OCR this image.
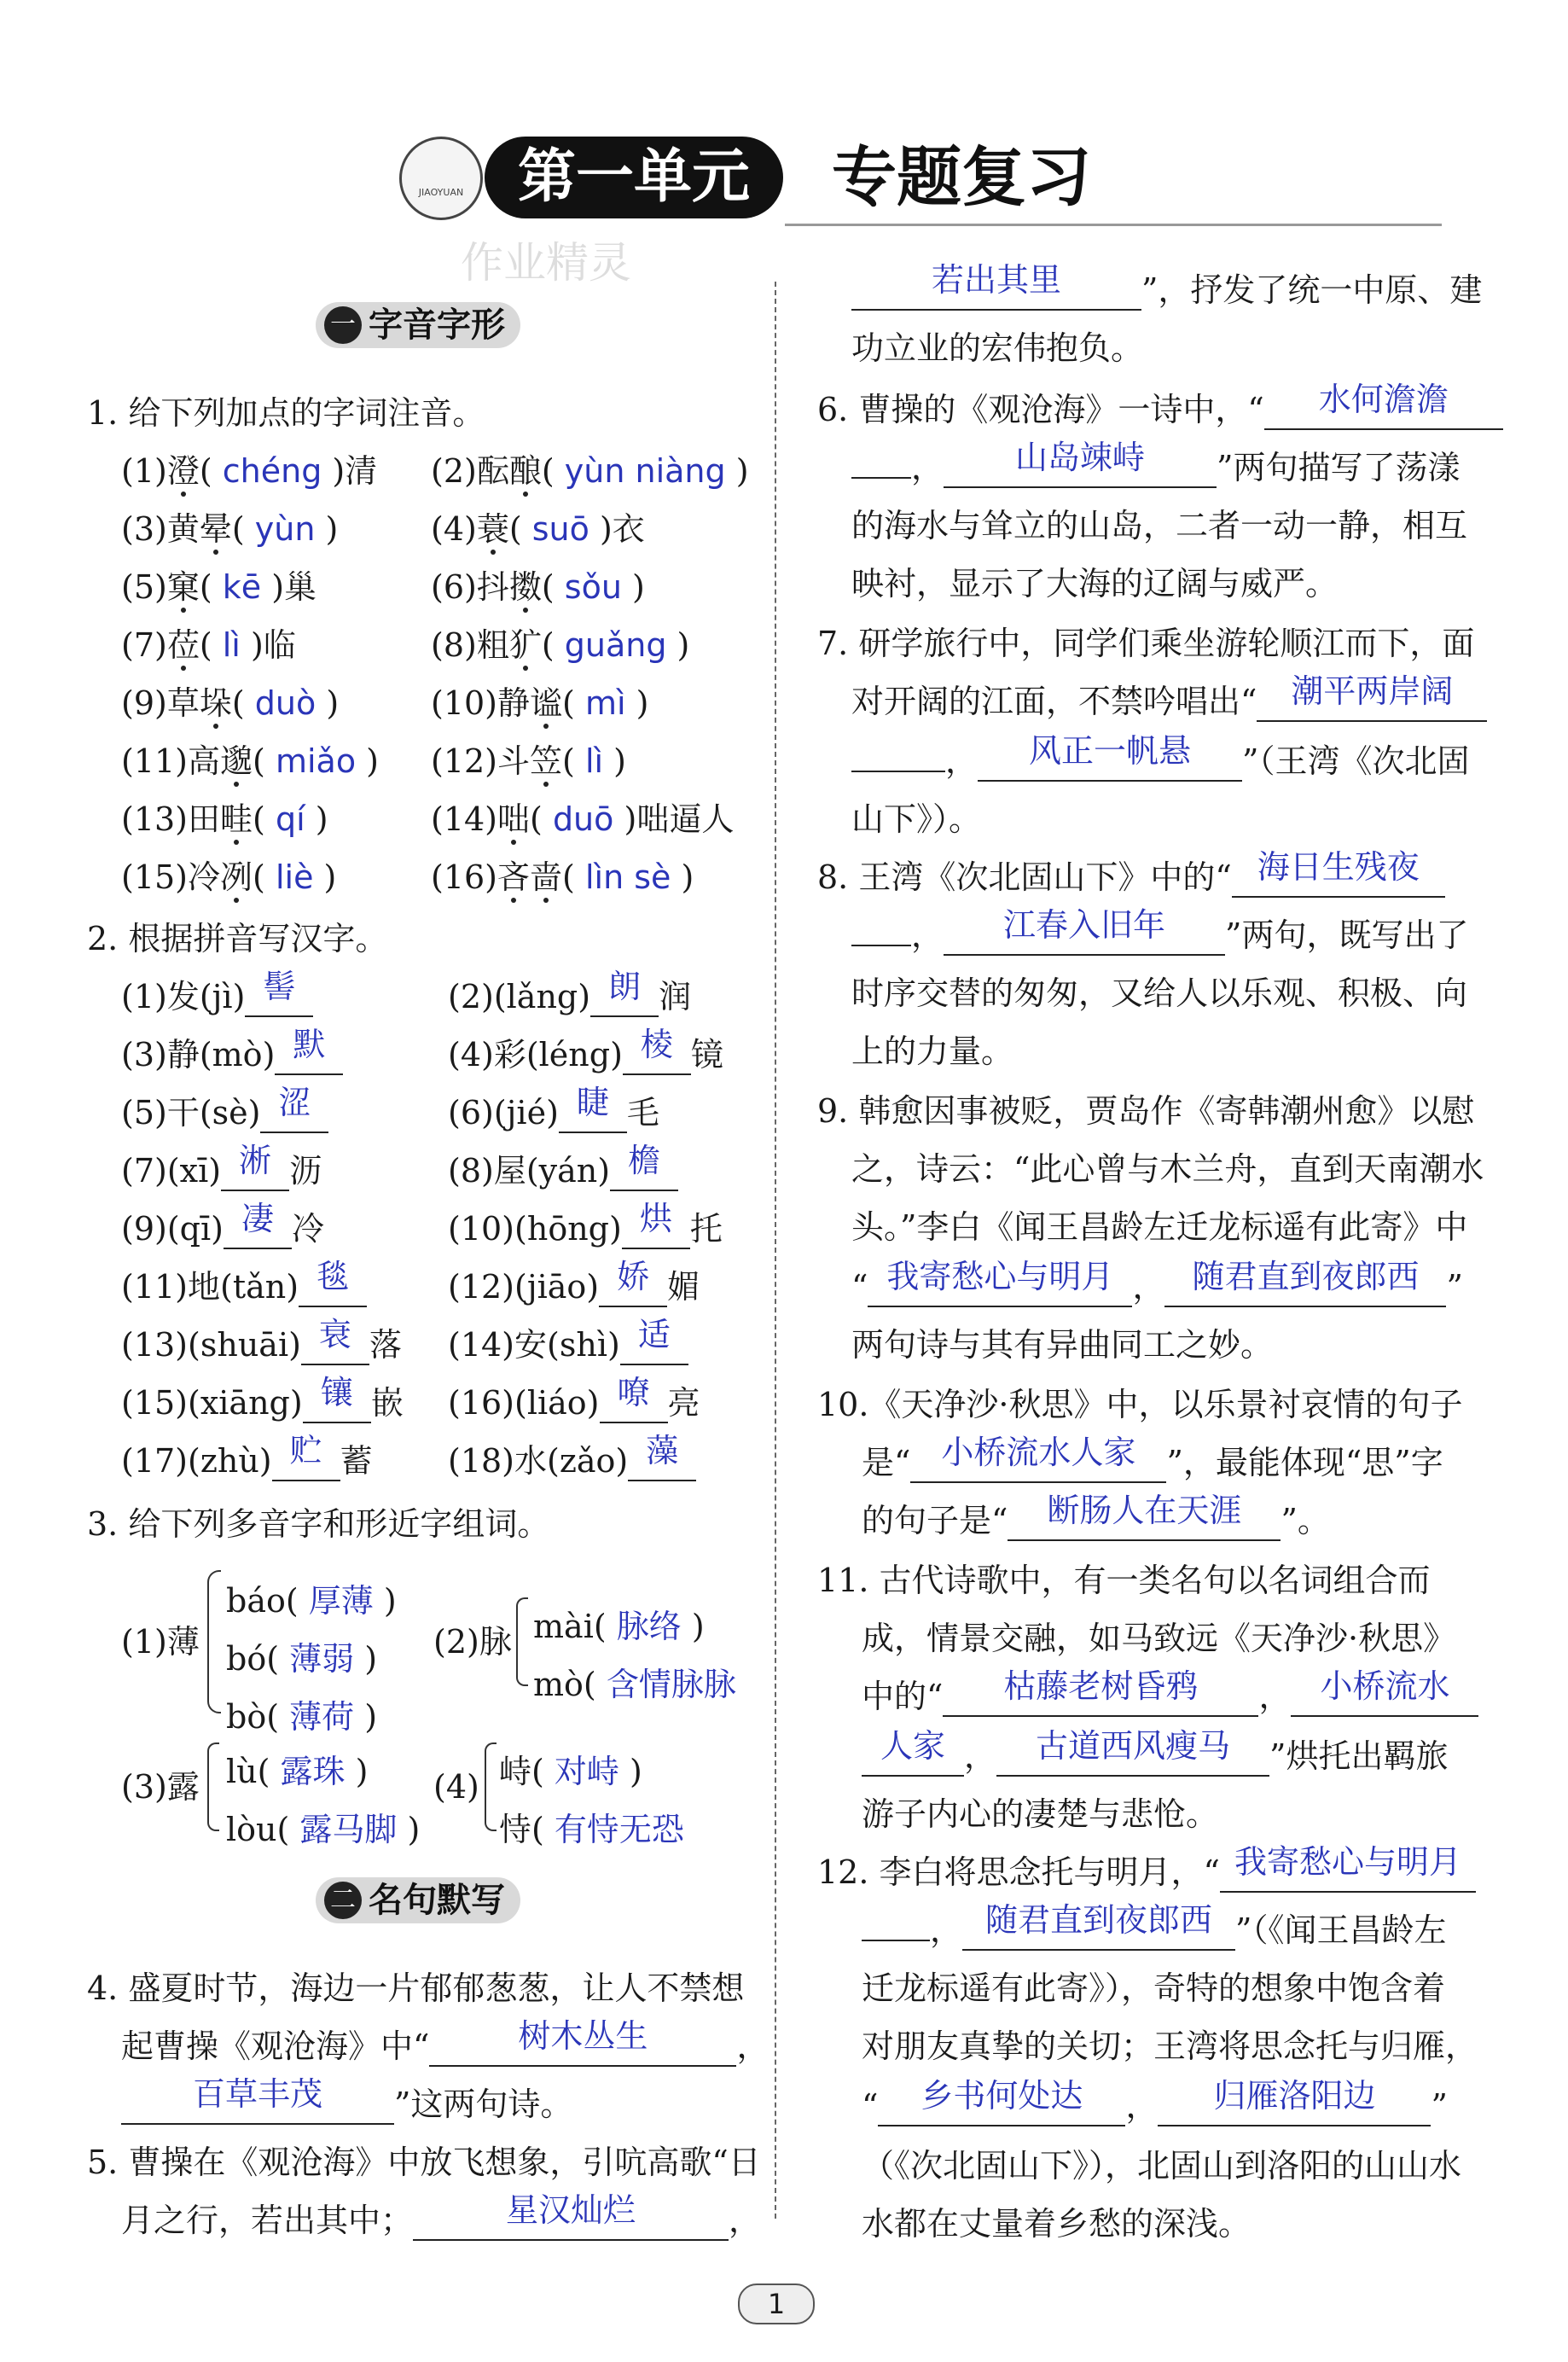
JIAOYUAN 第一单元	专题复习
作业精灵
一 字音字形
1. 给下列加点的字词注音。
(1)澄( chéng )清 (2)酝酿( yùn niàng )
(3)黄晕( yùn )	(4)蓑( suō )衣
(5)窠( kē )巢	(6)抖擞( sǒu )
(7)莅( lì )临	(8)粗犷( guǎng )
(9)草垛( duò )	(10)静谧( mì )
(11)高邈( miǎo ) (12)斗笠( lì )
(13)田畦( qí )	(14)咄( duō )咄逼人
(15)冷冽( liè )	(16)吝啬( lìn sè )
2. 根据拼音写汉字。
(1)发(jì) 髻	(2)(lǎng) 朗 润
(3)静(mò) 默	(4)彩(léng) 棱 镜
(5)干(sè) 涩	(6)(jié) 睫 毛
(7)(xī) 淅 沥	(8)屋(yán) 檐
(9)(qī) 凄 冷	(10)(hōng) 烘 托
(11)地(tǎn) 毯	(12)(jiāo) 娇 媚
(13)(shuāi) 衰 落 (14)安(shì) 适
(15)(xiāng) 镶 嵌 (16)(liáo) 嘹 亮
(17)(zhù) 贮 蓄 (18)水(zǎo) 藻
3. 给下列多音字和形近字组词。
(1)薄
báo( 厚薄 )
bó( 薄弱 )
bò( 薄荷 )
(2)脉 mài( 脉络 )
mò( 含情脉脉
(3)露 lù( 露珠 )
lòu( 露马脚 )
(4) 峙( 对峙 )
恃( 有恃无恐
二 名句默写
4. 盛夏时节，海边一片郁郁葱葱，让人不禁想
起曹操《观沧海》中“	树木丛生	，
百草丰茂 ”这两句诗。
5. 曹操在《观沧海》中放飞想象，引吭高歌“日
月之行，若出其中；	星汉灿烂	，
若出其里 ”，抒发了统一中原、建
功立业的宏伟抱负。
6. 曹操的《观沧海》一诗中，“ 水何澹澹
， 山岛竦峙 ”两句描写了荡漾
的海水与耸立的山岛，二者一动一静，相互
映衬，显示了大海的辽阔与威严。
7. 研学旅行中，同学们乘坐游轮顺江而下，面
对开阔的江面，不禁吟唱出“ 潮平两岸阔
， 风正一帆悬 ”（王湾《次北固
山下》）。
8. 王湾《次北固山下》中的“ 海日生残夜
， 江春入旧年 ”两句，既写出了
时序交替的匆匆，又给人以乐观、积极、向
上的力量。
9. 韩愈因事被贬，贾岛作《寄韩潮州愈》以慰
之，诗云：“此心曾与木兰舟，直到天南潮水
头。”李白《闻王昌龄左迁龙标遥有此寄》中
“ 我寄愁心与明月 ， 随君直到夜郎西 ”
两句诗与其有异曲同工之妙。
10.《天净沙·秋思》中，以乐景衬哀情的句子
是“ 小桥流水人家 ”，最能体现“思”字
的句子是“ 断肠人在天涯 ”。
11. 古代诗歌中，有一类名句以名词组合而
成，情景交融，如马致远《天净沙·秋思》
中的“ 枯藤老树昏鸦 ， 小桥流水
人家 ， 古道西风瘦马 ”烘托出羁旅
游子内心的凄楚与悲怆。
12. 李白将思念托与明月，“ 我寄愁心与明月
， 随君直到夜郎西 ”（《闻王昌龄左
迁龙标遥有此寄》），奇特的想象中饱含着
对朋友真挚的关切；王湾将思念托与归雁，
“ 乡书何处达 ， 归雁洛阳边 ”
（《次北固山下》），北固山到洛阳的山山水
水都在丈量着乡愁的深浅。
1
